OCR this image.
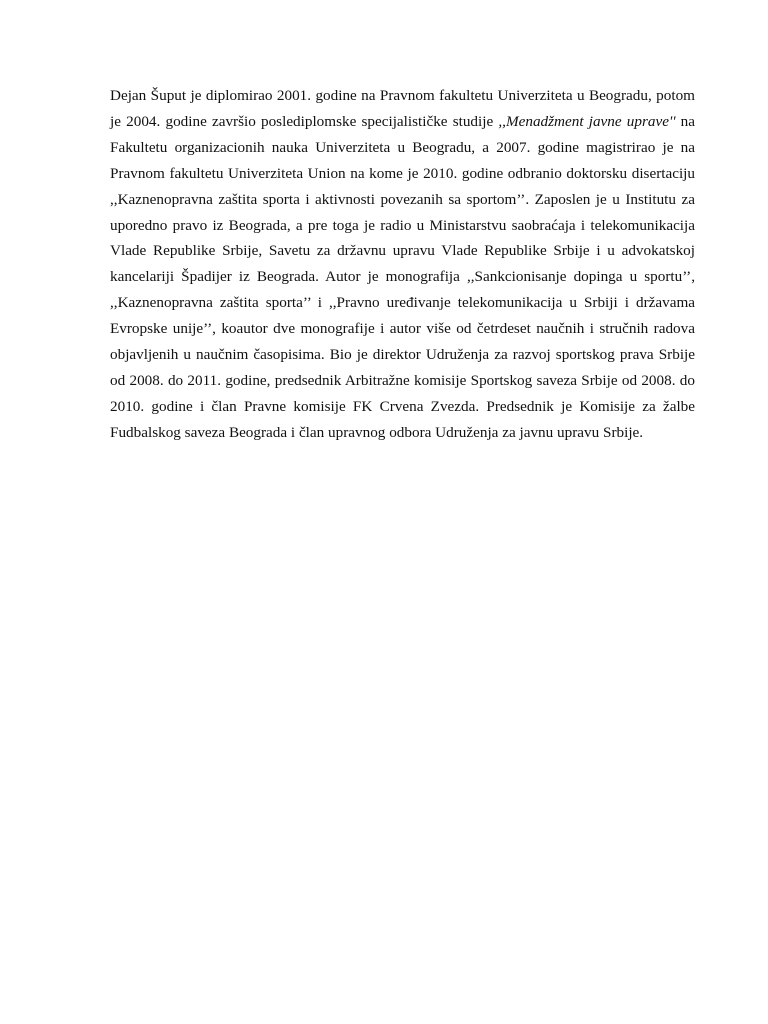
Dejan Šuput je diplomirao 2001. godine na Pravnom fakultetu Univerziteta u Beogradu, potom je 2004. godine završio poslediplomske specijalističke studije ,,Menadžment javne uprave'' na Fakultetu organizacionih nauka Univerziteta u Beogradu, a 2007. godine magistrirao je na Pravnom fakultetu Univerziteta Union na kome je 2010. godine odbranio doktorsku disertaciju ,,Kaznenopravna zaštita sporta i aktivnosti povezanih sa sportom’’. Zaposlen je u Institutu za uporedno pravo iz Beograda, a pre toga je radio u Ministarstvu saobraćaja i telekomunikacija Vlade Republike Srbije, Savetu za državnu upravu Vlade Republike Srbije i u advokatskoj kancelariji Špadijer iz Beograda. Autor je monografija ,,Sankcionisanje dopinga u sportu’’, ,,Kaznenopravna zaštita sporta’’ i ,,Pravno uređivanje telekomunikacija u Srbiji i državama Evropske unije’’, koautor dve monografije i autor više od četrdeset naučnih i stručnih radova objavljenih u naučnim časopisima. Bio je direktor Udruženja za razvoj sportskog prava Srbije od 2008. do 2011. godine, predsednik Arbitražne komisije Sportskog saveza Srbije od 2008. do 2010. godine i član Pravne komisije FK Crvena Zvezda. Predsednik je Komisije za žalbe Fudbalskog saveza Beograda i član upravnog odbora Udruženja za javnu upravu Srbije.
